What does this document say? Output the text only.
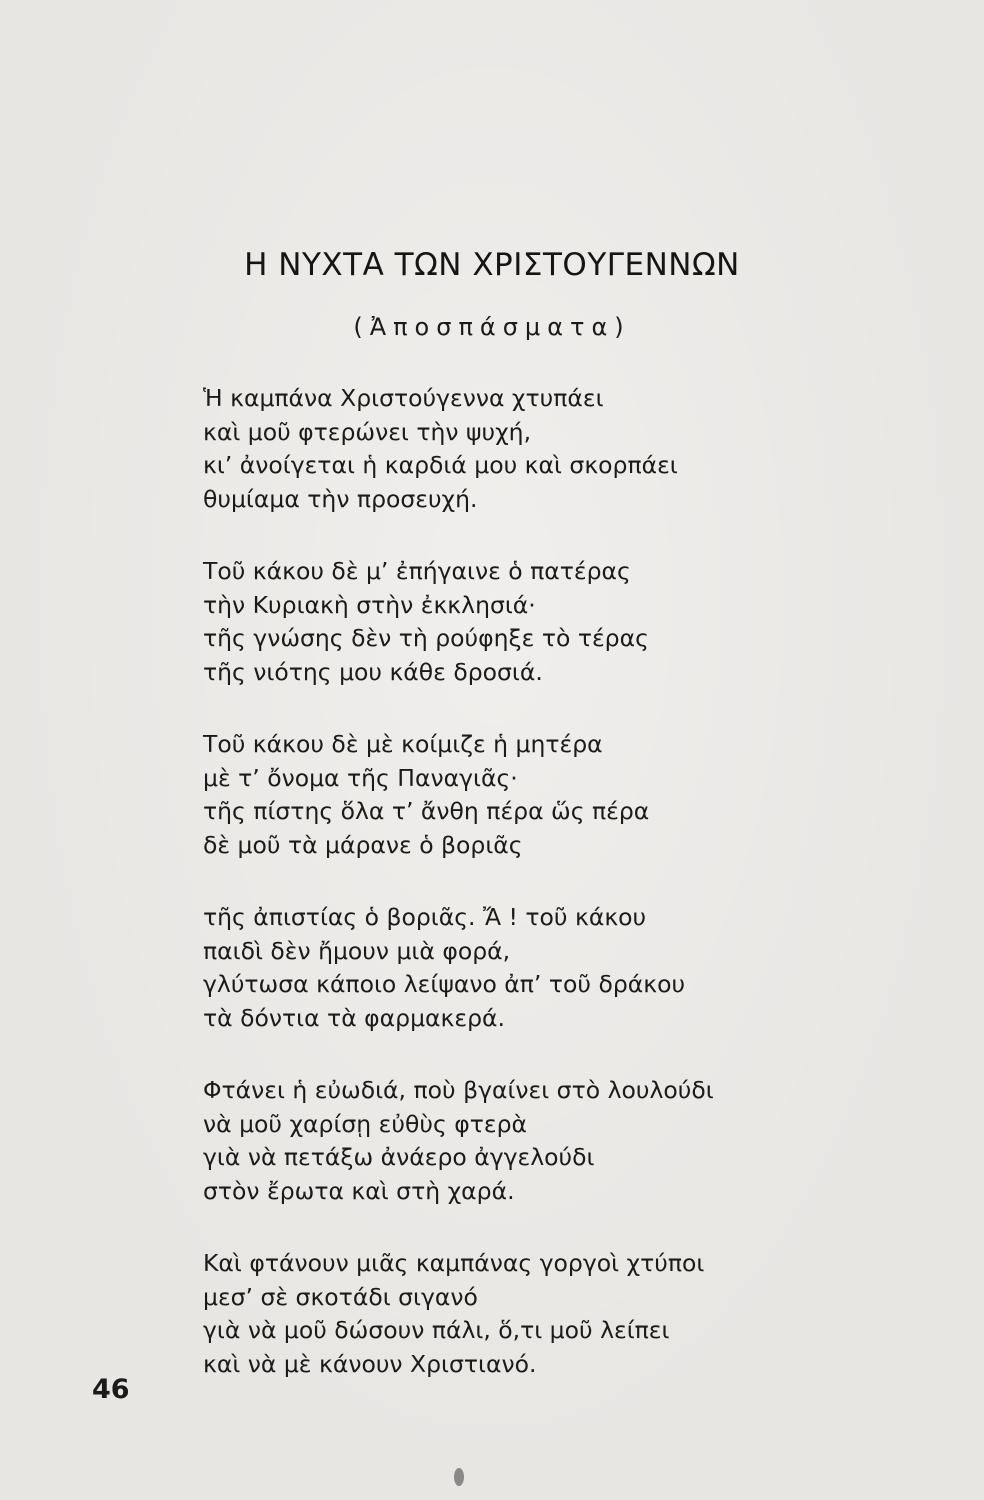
Η ΝΥΧΤΑ ΤΩΝ ΧΡΙΣΤΟΥΓΕΝΝΩΝ
(Ἀποσπάσματα)
Ἡ καμπάνα Χριστούγεννα χτυπάει
καὶ μοῦ φτερώνει τὴν ψυχή,
κι’ ἀνοίγεται ἡ καρδιά μου καὶ σκορπάει
θυμίαμα τὴν προσευχή.
Τοῦ κάκου δὲ μ’ ἐπήγαινε ὁ πατέρας
τὴν Κυριακὴ στὴν ἐκκλησιά·
τῆς γνώσης δὲν τὴ ρούφηξε τὸ τέρας
τῆς νιότης μου κάθε δροσιά.
Τοῦ κάκου δὲ μὲ κοίμιζε ἡ μητέρα
μὲ τ’ ὄνομα τῆς Παναγιᾶς·
τῆς πίστης ὅλα τ’ ἄνθη πέρα ὥς πέρα
δὲ μοῦ τὰ μάρανε ὁ βοριᾶς
τῆς ἀπιστίας ὁ βοριᾶς. Ἄ ! τοῦ κάκου
παιδὶ δὲν ἤμουν μιὰ φορά,
γλύτωσα κάποιο λείψανο ἀπ’ τοῦ δράκου
τὰ δόντια τὰ φαρμακερά.
Φτάνει ἡ εὐωδιά, ποὺ βγαίνει στὸ λουλούδι
νὰ μοῦ χαρίσῃ εὐθὺς φτερὰ
γιὰ νὰ πετάξω ἀνάερο ἀγγελούδι
στὸν ἔρωτα καὶ στὴ χαρά.
Καὶ φτάνουν μιᾶς καμπάνας γοργοὶ χτύποι
μεσ’ σὲ σκοτάδι σιγανό
γιὰ νὰ μοῦ δώσουν πάλι, ὅ,τι μοῦ λείπει
καὶ νὰ μὲ κάνουν Χριστιανό.
46
